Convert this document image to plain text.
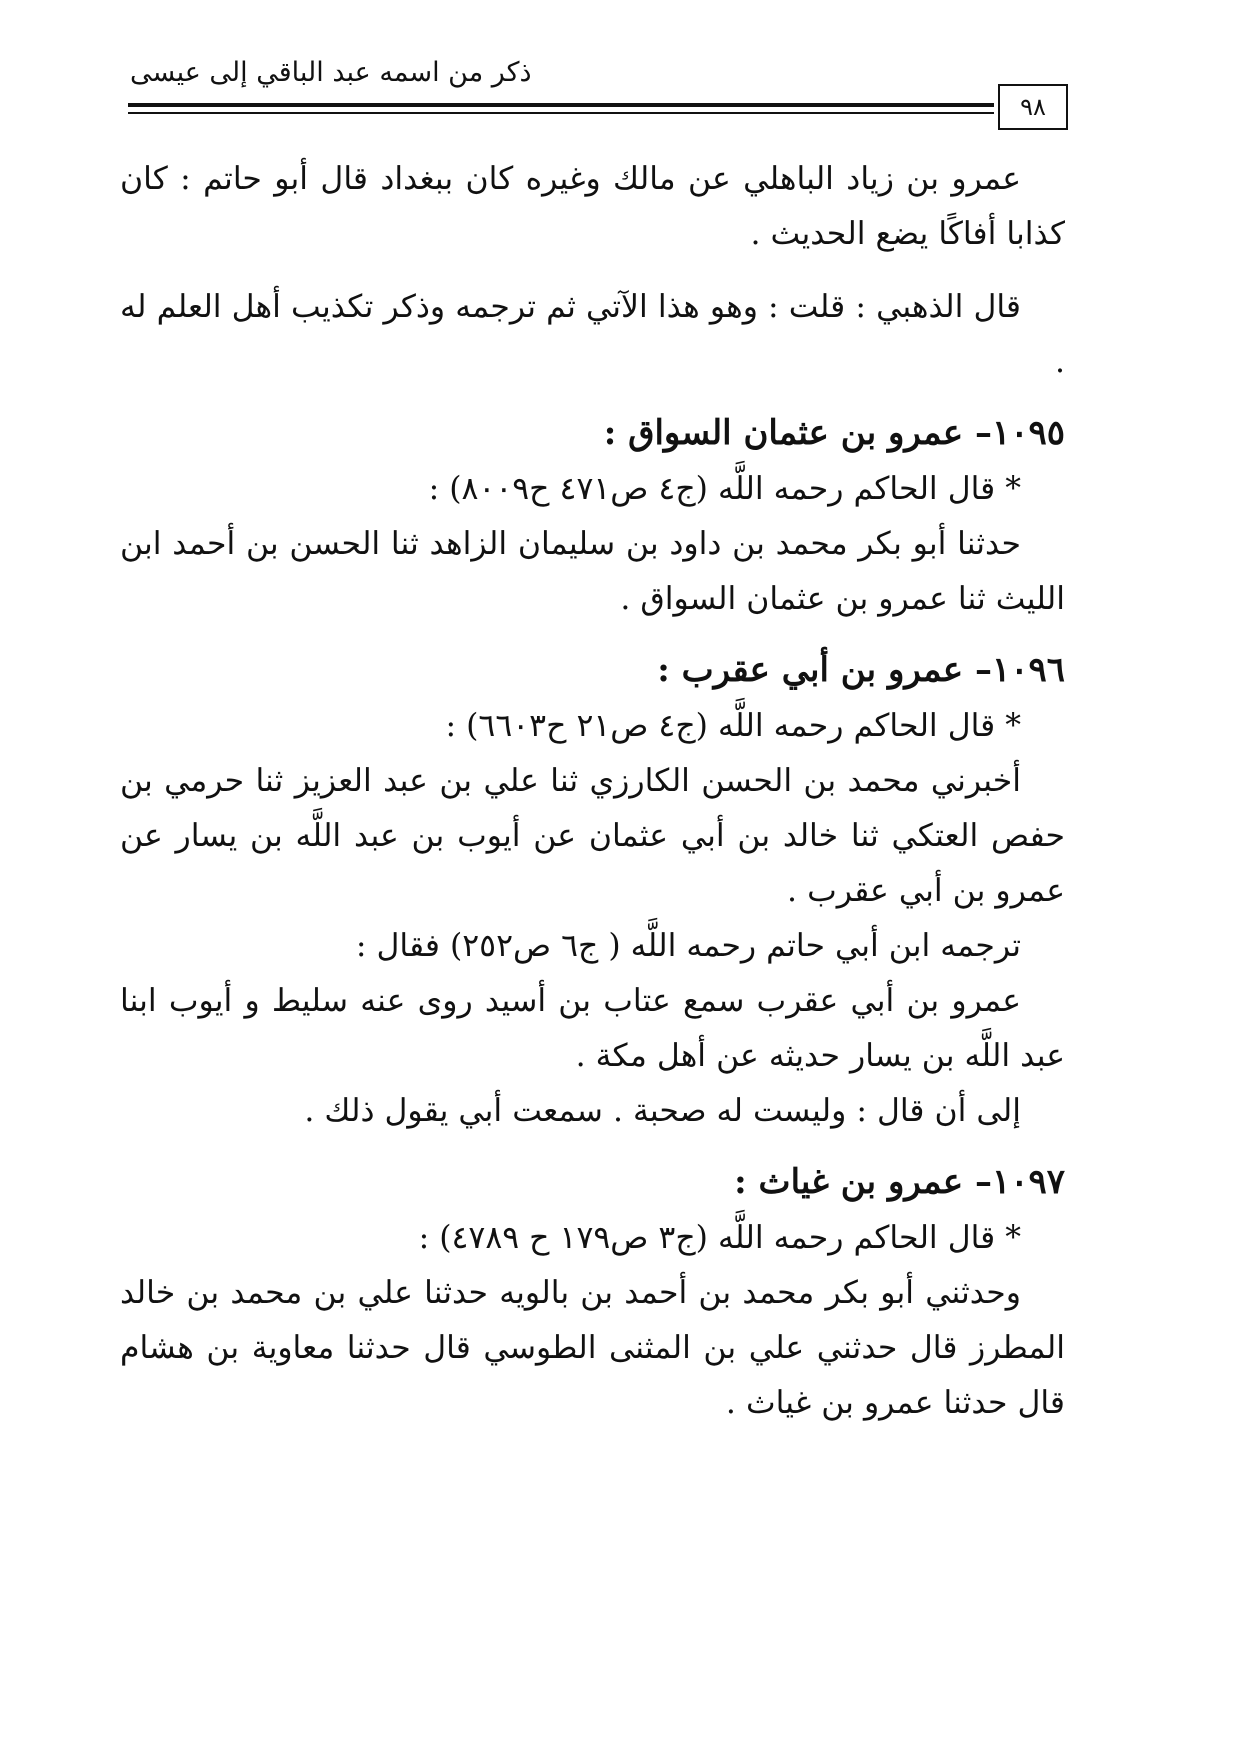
ذكر من اسمه عبد الباقي إلى عيسى
٩٨

عمرو بن زياد الباهلي عن مالك وغيره كان ببغداد قال أبو حاتم : كان كذابا أفاكًا يضع الحديث .

قال الذهبي : قلت : وهو هذا الآتي ثم ترجمه وذكر تكذيب أهل العلم له .

١٠٩٥– عمرو بن عثمان السواق :

* قال الحاكم رحمه اللَّه (ج٤ ص٤٧١ ح٨٠٠٩) :

حدثنا أبو بكر محمد بن داود بن سليمان الزاهد ثنا الحسن بن أحمد ابن الليث ثنا عمرو بن عثمان السواق .

١٠٩٦– عمرو بن أبي عقرب :

* قال الحاكم رحمه اللَّه (ج٤ ص٢١ ح٦٦٠٣) :

أخبرني محمد بن الحسن الكارزي ثنا علي بن عبد العزيز ثنا حرمي بن حفص العتكي ثنا خالد بن أبي عثمان عن أيوب بن عبد اللَّه بن يسار عن عمرو بن أبي عقرب .

ترجمه ابن أبي حاتم رحمه اللَّه ( ج٦ ص٢٥٢) فقال :

عمرو بن أبي عقرب سمع عتاب بن أسيد روى عنه سليط و أيوب ابنا عبد اللَّه بن يسار حديثه عن أهل مكة .

إلى أن قال : وليست له صحبة . سمعت أبي يقول ذلك .

١٠٩٧– عمرو بن غياث :

* قال الحاكم رحمه اللَّه (ج٣ ص١٧٩ ح ٤٧٨٩) :

وحدثني أبو بكر محمد بن أحمد بن بالويه حدثنا علي بن محمد بن خالد المطرز قال حدثني علي بن المثنى الطوسي قال حدثنا معاوية بن هشام قال حدثنا عمرو بن غياث .
